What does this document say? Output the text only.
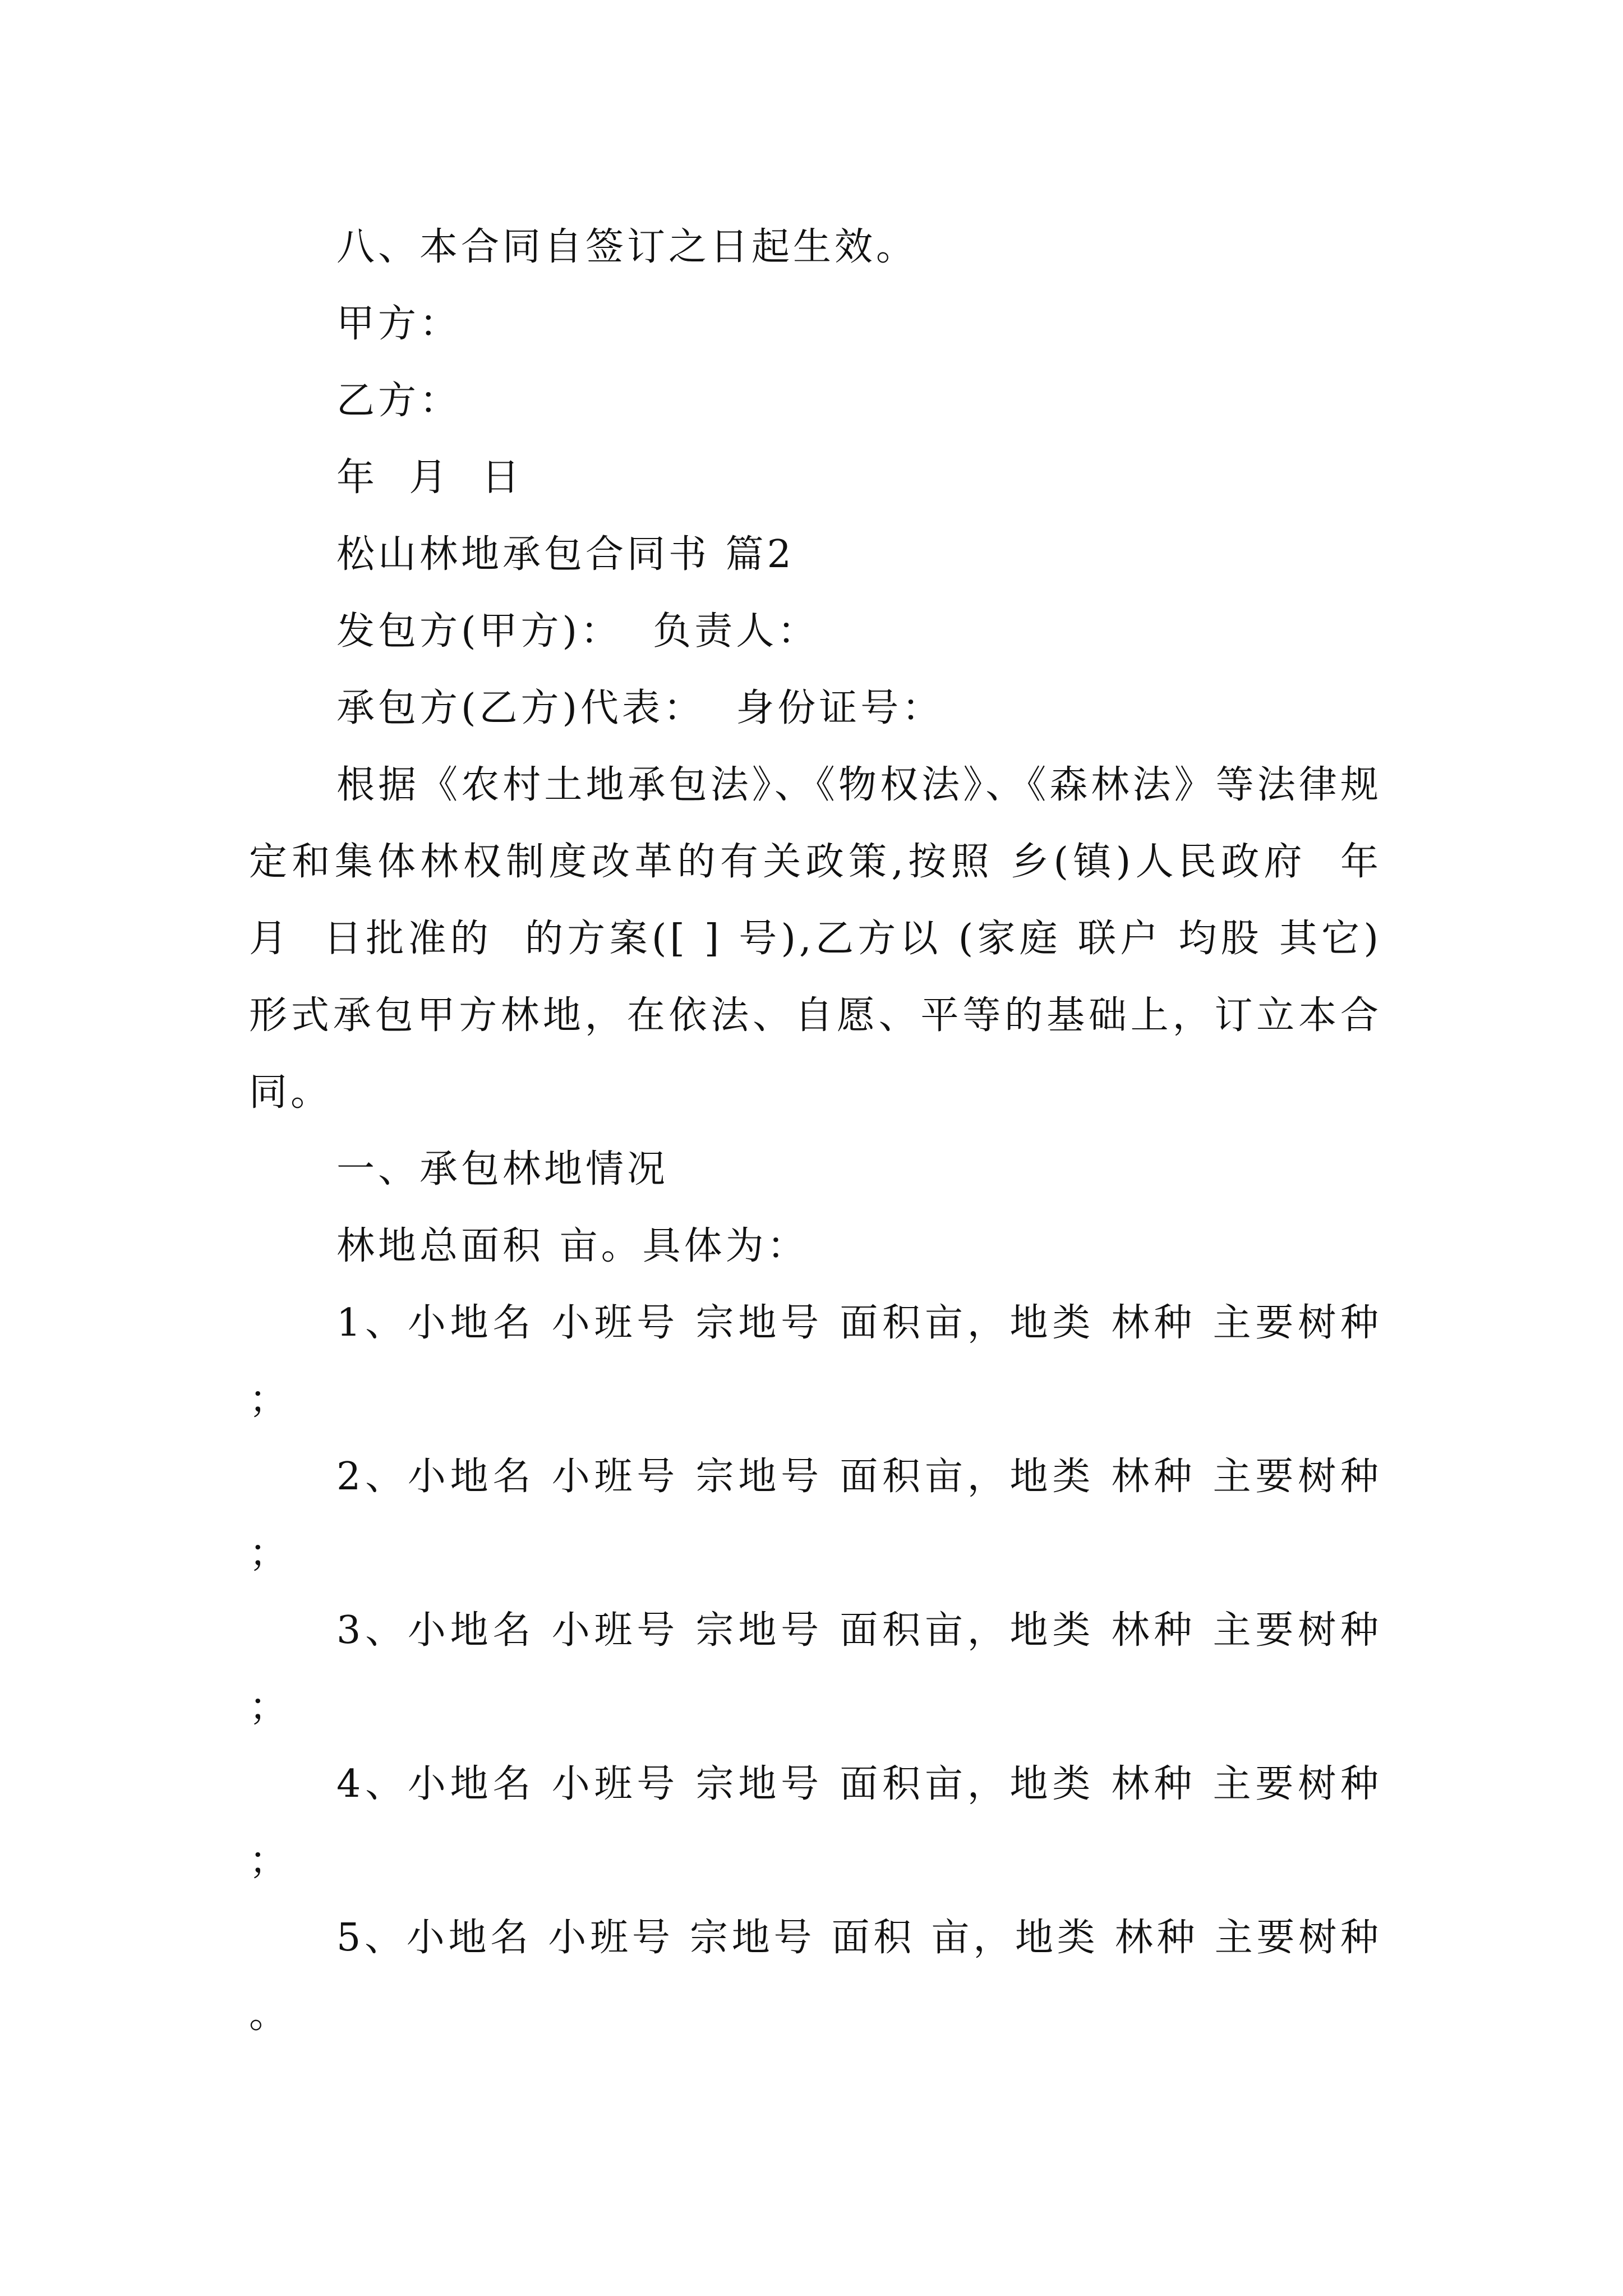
八、本合同自签订之日起生效。

甲方：

乙方：

年  月  日

松山林地承包合同书 篇2

发包方(甲方)：  负责人：

承包方(乙方)代表：  身份证号：

根据《农村土地承包法》、《物权法》、《森林法》等法律规定和集体林权制度改革的有关政策,按照 乡(镇)人民政府  年  月  日批准的  的方案([ ] 号),乙方以 (家庭 联户 均股 其它)形式承包甲方林地，在依法、自愿、平等的基础上，订立本合同。

一、承包林地情况

林地总面积 亩。具体为：

1、小地名 小班号 宗地号 面积亩，地类 林种 主要树种 ；

2、小地名 小班号 宗地号 面积亩，地类 林种 主要树种 ；

3、小地名 小班号 宗地号 面积亩，地类 林种 主要树种 ；

4、小地名 小班号 宗地号 面积亩，地类 林种 主要树种 ；

5、小地名 小班号 宗地号 面积 亩，地类 林种 主要树种 。
